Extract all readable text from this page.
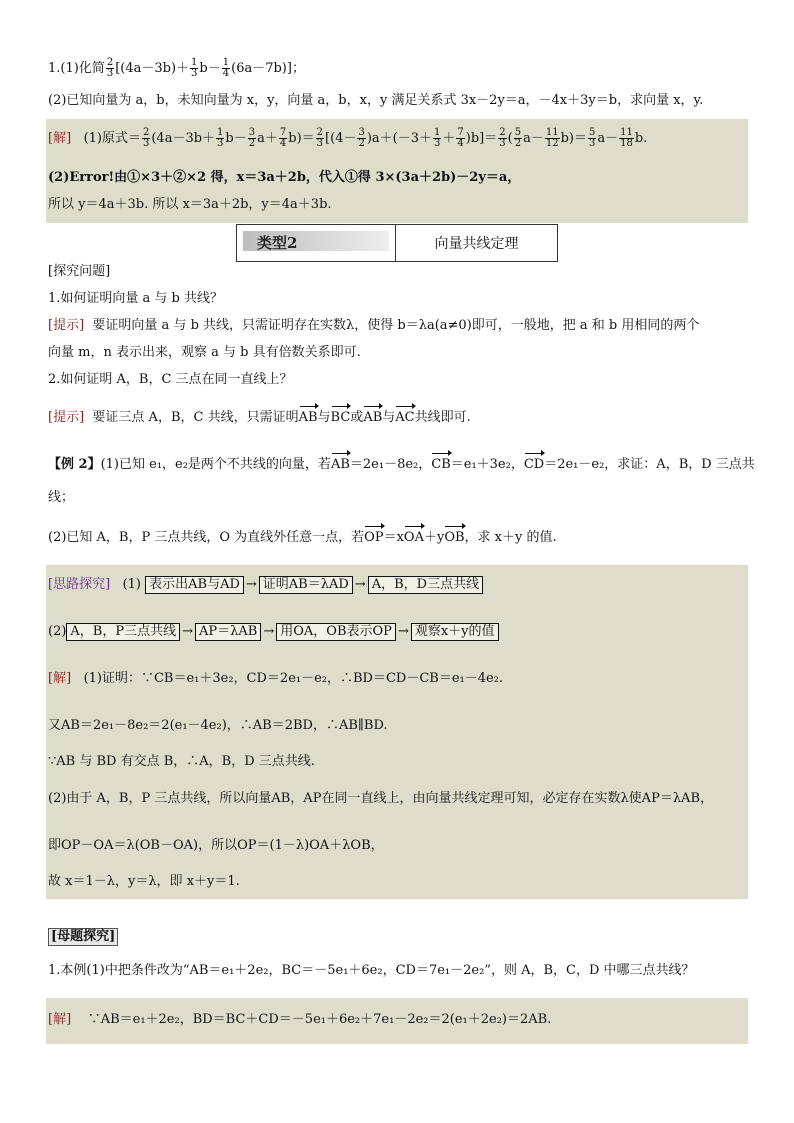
1.(1)化简 $\frac{2}{3} [(4a-3b)+ \frac{1}{3} b- \frac{1}{4} (6a-7b)]$；
(2)已知向量为 a，b，未知向量为 x，y，向量 a，b，x，y 满足关系式 3x－2y＝a，－4x＋3y＝b，求向量 x，y.
[解] (1)原式＝ $\frac{2}{3} (4a-3b+ \frac{1}{3} b- \frac{3}{2} a+ \frac{7}{4} b)= \frac{2}{3} [(4- \frac{3}{2} )a+(-3+ \frac{1}{3} + \frac{7}{4} )b]= \frac{2}{3}$ ( $\frac{5}{2} a- \frac{11}{12} b)= \frac{5}{3} a- \frac{11}{18} b$.
(2)Error!由①×3＋②×2 得，x＝3a＋2b，代入①得 3×(3a＋2b)－2y＝a，
所以 y＝4a＋3b. 所以 x＝3a＋2b，y＝4a＋3b.
类型2	向量共线定理
[探究问题]
1.如何证明向量 a 与 b 共线？
[提示] 要证明向量 a 与 b 共线，只需证明存在实数λ，使得 b＝λa(a≠0)即可，一般地，把 a 和 b 用相同的两个
向量 m，n 表示出来，观察 a 与 b 具有倍数关系即可.
2.如何证明 A，B，C 三点在同一直线上？
[提示] 要证三点 A，B，C 共线，只需证明AB与BC或AB与AC共线即可.
【例 2】(1)已知 e₁，e₂是两个不共线的向量，若AB＝2e₁－8e₂，CB＝e₁＋3e₂，CD＝2e₁－e₂，求证：A，B，D 三点共
线；
(2)已知 A，B，P 三点共线，O 为直线外任意一点，若OP＝xOA＋yOB，求 x＋y 的值.
[思路探究] (1) 表示出AB与AD → 证明AB＝λAD → A，B，D三点共线
(2) A，B，P三点共线 → AP＝λAB → 用OA，OB表示OP → 观察x＋y的值
[解] (1)证明：∵CB＝e₁＋3e₂，CD＝2e₁－e₂，∴BD＝CD－CB＝e₁－4e₂.
又AB＝2e₁－8e₂＝2(e₁－4e₂)，∴AB＝2BD，∴AB∥BD.
∵AB 与 BD 有交点 B，∴A，B，D 三点共线.
(2)由于 A，B，P 三点共线，所以向量AB，AP在同一直线上，由向量共线定理可知，必定存在实数λ使AP＝λAB，
即OP－OA＝λ(OB－OA)，所以OP＝(1－λ)OA＋λOB，
故 x＝1－λ，y＝λ，即 x＋y＝1.
[母题探究]
1.本例(1)中把条件改为“AB＝e₁＋2e₂，BC＝－5e₁＋6e₂，CD＝7e₁－2e₂”，则 A，B，C，D 中哪三点共线？
[解] ∵AB＝e₁＋2e₂，BD＝BC＋CD＝－5e₁＋6e₂＋7e₁－2e₂＝2(e₁＋2e₂)＝2AB.
